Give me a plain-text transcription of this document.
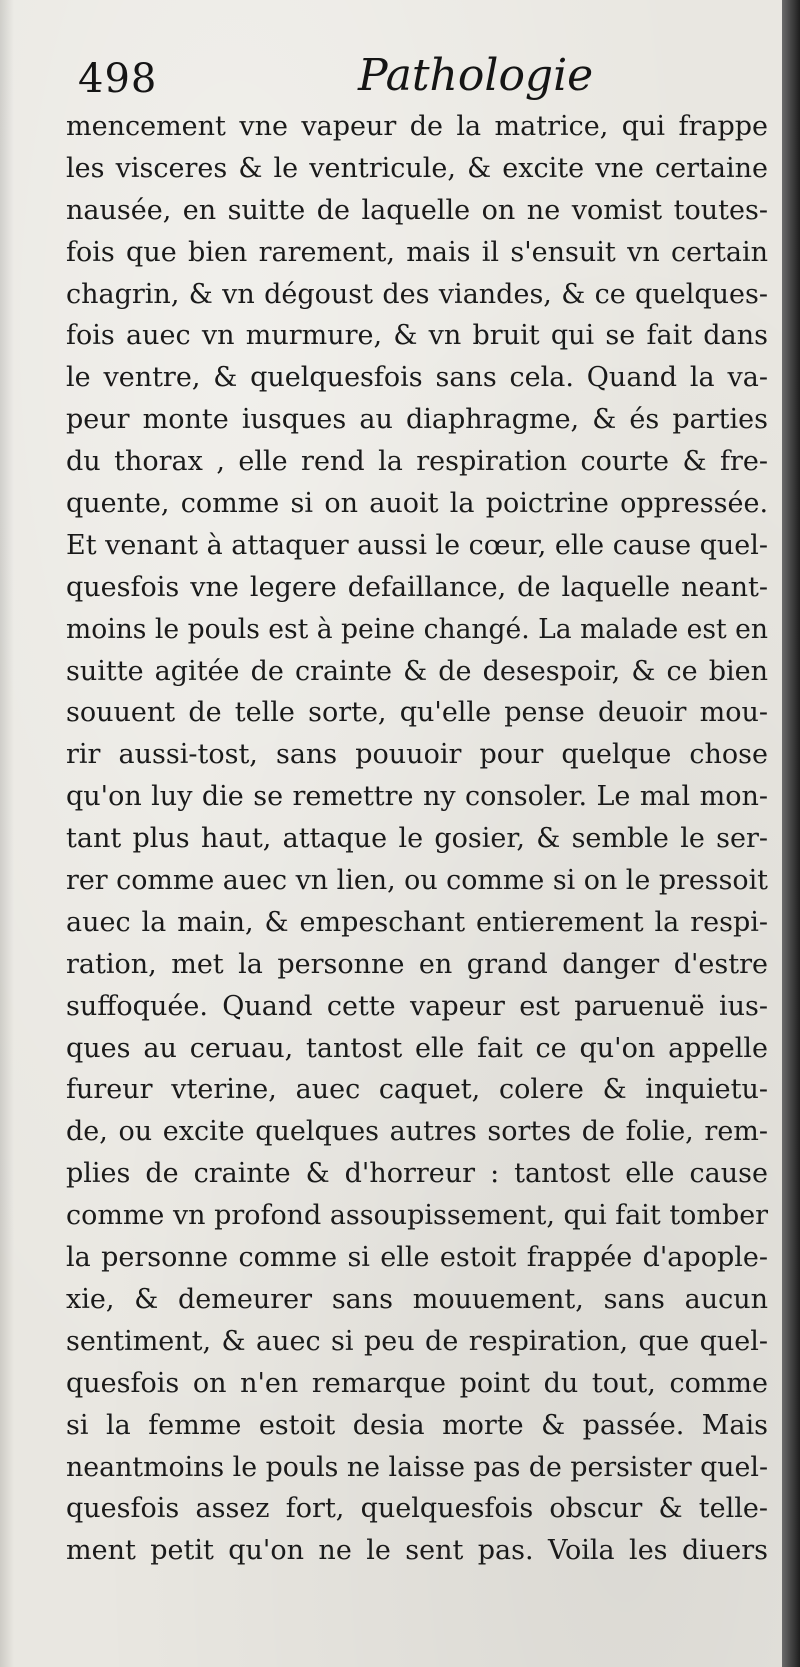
498	Pathologie
mencement vne vapeur de la matrice, qui frappe
les visceres & le ventricule, & excite vne certaine
nausée, en suitte de laquelle on ne vomist toutes-
fois que bien rarement, mais il s'ensuit vn certain
chagrin, & vn dégoust des viandes, & ce quelques-
fois auec vn murmure, & vn bruit qui se fait dans
le ventre, & quelquesfois sans cela. Quand la va-
peur monte iusques au diaphragme, & és parties
du thorax , elle rend la respiration courte & fre-
quente, comme si on auoit la poictrine oppressée.
Et venant à attaquer aussi le cœur, elle cause quel-
quesfois vne legere defaillance, de laquelle neant-
moins le pouls est à peine changé. La malade est en
suitte agitée de crainte & de desespoir, & ce bien
souuent de telle sorte, qu'elle pense deuoir mou-
rir aussi-tost, sans pouuoir pour quelque chose
qu'on luy die se remettre ny consoler. Le mal mon-
tant plus haut, attaque le gosier, & semble le ser-
rer comme auec vn lien, ou comme si on le pressoit
auec la main, & empeschant entierement la respi-
ration, met la personne en grand danger d'estre
suffoquée. Quand cette vapeur est paruenuë ius-
ques au ceruau, tantost elle fait ce qu'on appelle
fureur vterine, auec caquet, colere & inquietu-
de, ou excite quelques autres sortes de folie, rem-
plies de crainte & d'horreur : tantost elle cause
comme vn profond assoupissement, qui fait tomber
la personne comme si elle estoit frappée d'apople-
xie, & demeurer sans mouuement, sans aucun
sentiment, & auec si peu de respiration, que quel-
quesfois on n'en remarque point du tout, comme
si la femme estoit desia morte & passée. Mais
neantmoins le pouls ne laisse pas de persister quel-
quesfois assez fort, quelquesfois obscur & telle-
ment petit qu'on ne le sent pas. Voila les diuers
